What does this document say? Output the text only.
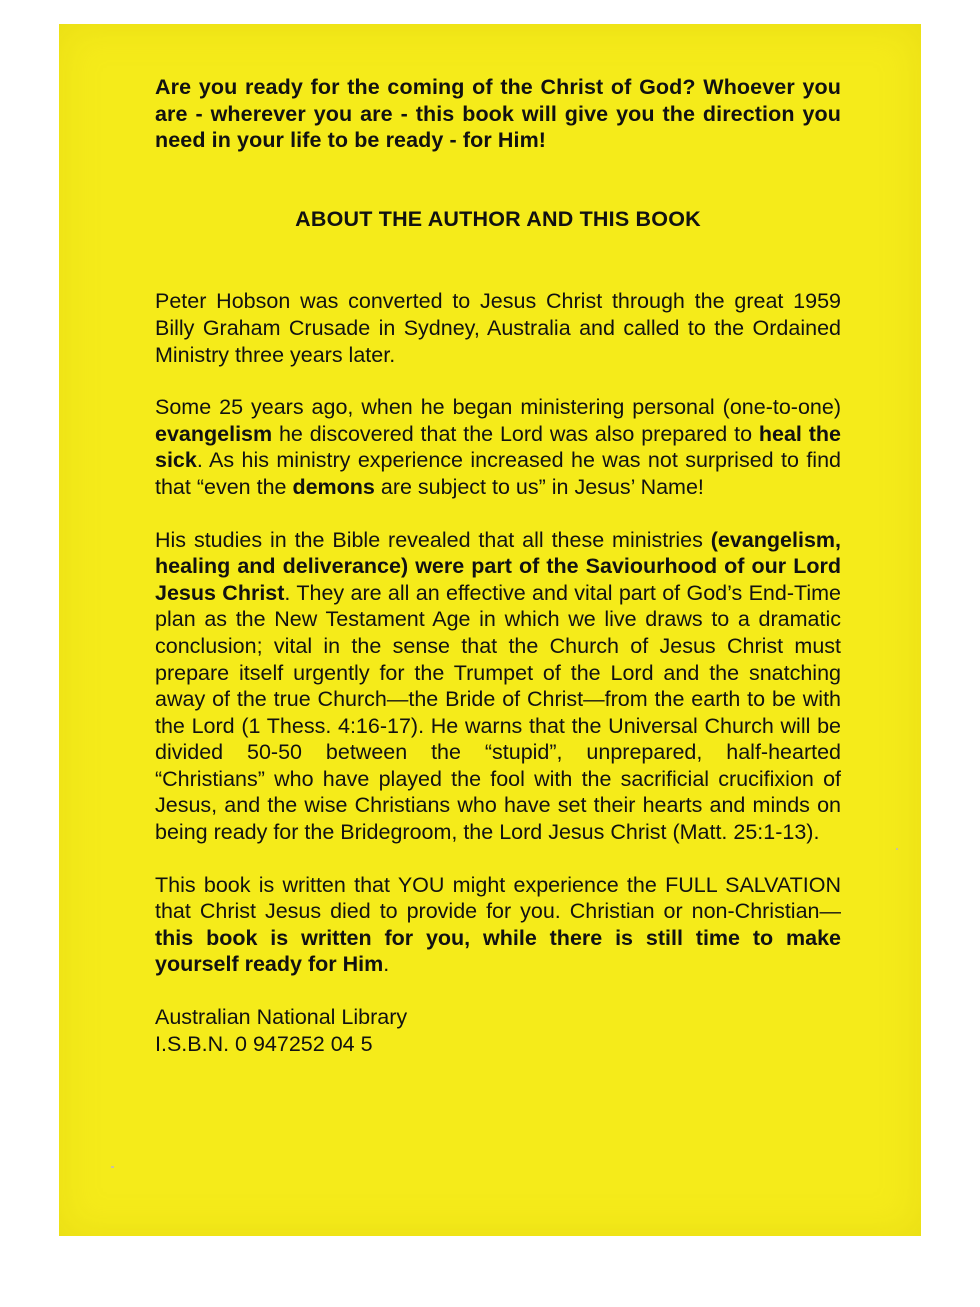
Are you ready for the coming of the Christ of God? Whoever you are - wherever you are - this book will give you the direction you need in your life to be ready - for Him!

ABOUT THE AUTHOR AND THIS BOOK

Peter Hobson was converted to Jesus Christ through the great 1959 Billy Graham Crusade in Sydney, Australia and called to the Ordained Ministry three years later.

Some 25 years ago, when he began ministering personal (one-to-one) evangelism he discovered that the Lord was also prepared to heal the sick. As his ministry experience increased he was not surprised to find that “even the demons are subject to us” in Jesus’ Name!

His studies in the Bible revealed that all these ministries (evangelism, healing and deliverance) were part of the Saviourhood of our Lord Jesus Christ. They are all an effective and vital part of God’s End-Time plan as the New Testament Age in which we live draws to a dramatic conclusion; vital in the sense that the Church of Jesus Christ must prepare itself urgently for the Trumpet of the Lord and the snatching away of the true Church—the Bride of Christ—from the earth to be with the Lord (1 Thess. 4:16-17). He warns that the Universal Church will be divided 50-50 between the “stupid”, unprepared, half-hearted “Christians” who have played the fool with the sacrificial crucifixion of Jesus, and the wise Christians who have set their hearts and minds on being ready for the Bridegroom, the Lord Jesus Christ (Matt. 25:1-13).

This book is written that YOU might experience the FULL SALVATION that Christ Jesus died to provide for you. Christian or non-Christian—this book is written for you, while there is still time to make yourself ready for Him.

Australian National Library
I.S.B.N. 0 947252 04 5
